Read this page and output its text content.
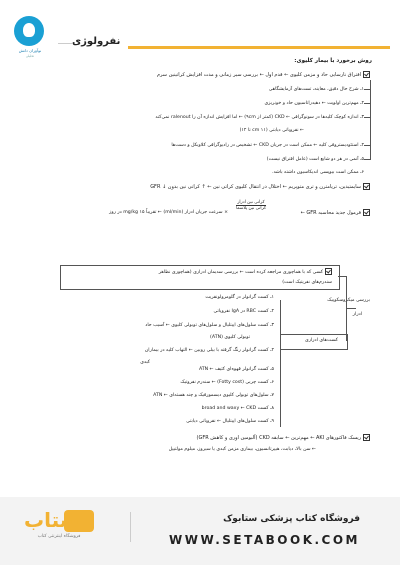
نوآوران دانش
تحلیلی
نفرولوژی
روش برخورد با بیمار کلیوی:
افتراق نارسایی حاد و مزمن کلیوی ← قدم اول ← بررسی سیر زمانی و مدت افزایش کراتینین سرم
۱ـ شرح حال دقیق، معاینه، تست‌های آزمایشگاهی
۲ـ مهم‌ترین اولویت ← دهیدراتاسیون حاد و خونریزی
۳ـ اندازه کوچک کلیه‌ها در سونوگرافی ← CKD (کمتر از ۹cm) ← اما افزایش اندازه آن را ralenout نمی‌کند
← نفروپاتی دیابتی (cm ۱۱ تا ۱۲)
۴ـ استئودیستروفی کلیه ← ممکن است در جریان CKD ← تشخیص در رادیوگرافی کلاویکل و دست‌ها
۵ـ آنمی در هر دو شایع است (عامل افتراق نیست)
۶ـ ممکن است بیوپسی اندیکاسیون داشته باشد.
سایمتیدین، تریامترن و تری متوپریم ← اختلال در انتقال کلیوی کراتی نین ← ↑ کراتی نین بدون ↓ GFR
فرمول جدید محاسبه GFR ←
کراتی نین ادرار
کراتی نین پلاسما
× سرعت جریان ادرار (ml/min) ← تقریباً mg/kg ۱۵ در روز
بررسی میکروسکوپیک
ادرار
کسی که با هماچوری مراجعه کرده است ← بررسی سدیمان ادراری (هماچوری نظاهر
سندرم‌های نفریتیک است)
کست‌های ادراری
۱ـ کست گرانولر در گلومرولونفریت
۲ـ کست RBC در IgA نفروپاتی
۳ـ کست سلول‌های اپیتلیال و سلول‌های توبولی کلیوی ← آسیب حاد
توبولی کلیوی (ATN)
۴ـ کست گرانولر رنگ گرفته با بیلی روبین ← التهاب کلیه در بیماران
کبدی
۵ـ کست گرانولر قهوه‌ای کثیف ← ATN
۶ـ کست چربی (Fotty cost) ← سندرم نفروتیک
۷ـ سلول‌های توبولی کلیوی دیسمورفیک و چند هسته‌ای ← ATN
۸ـ کست broad and waxy ← CKD
۹ـ کست سلول‌های اپیتلیال ← نفروپاتی دیابتی
ریسک فاکتورهای AKI ← مهم‌ترین ← سابقه CKD (آلبومین اوری و کاهش GFR)
← سن بالا، دیابت، هیپرتانسیون، بیماری مزمن کبدی یا سیروز، میلوم مولتیپل
ستاب
فروشگاه اینترنتی کتاب
فروشگاه کتاب پزشکی ستابوک
WWW.SETABOOK.COM
